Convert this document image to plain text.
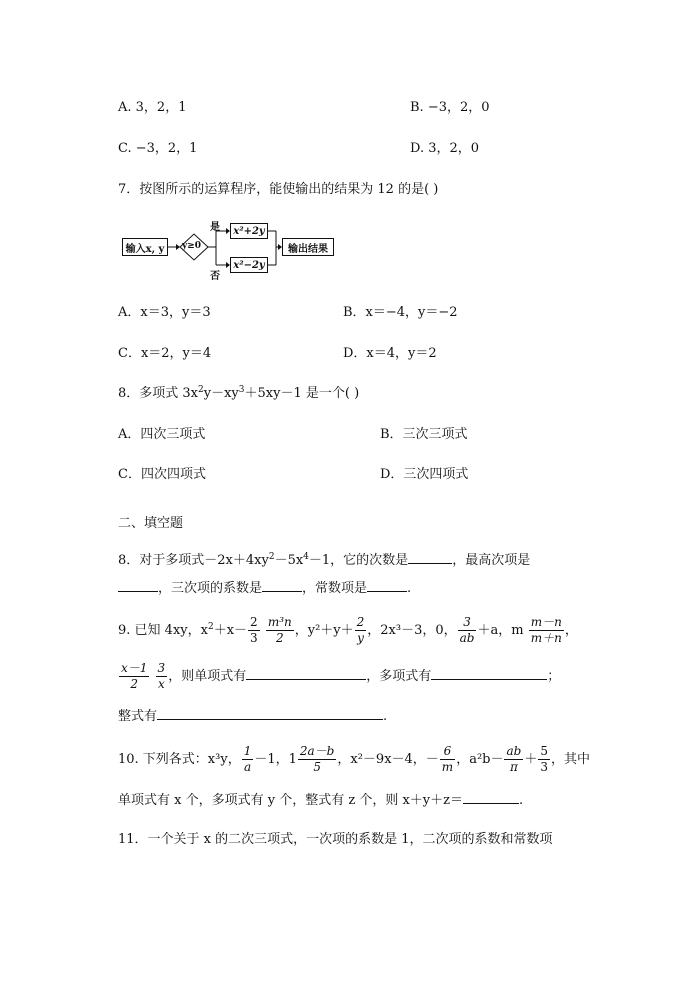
A. 3，2，1	B. −3，2，0
C. −3，2，1	D. 3，2，0
7．按图所示的运算程序，能使输出的结果为 12 的是( )
输入x, y	y≥0
是
否
x²+2y
x²−2y
输出结果
A．x＝3，y＝3	B．x＝−4，y＝−2
C．x＝2，y＝4	D．x＝4，y＝2
8．多项式 $3x^2y-xy^3+5xy-1$ 是一个( )
A．四次三项式	B．三次三项式
C．四次四项式	D．三次四项式
二、填空题
8．对于多项式$-2x+4xy^2-5x^4-1$，它的次数是	，最高次项是
，三次项的系数是	，常数项是	.
9. 已知 4xy，$x^2+x- \frac{2}{3}$
$\frac{\text{m³n}}{2}$ ，$y^2+y+ \frac{2}{y}$ ，2x³－3，0， $\frac{3}{ab} +a$，m $\frac{m-n}{m+n}$ ，
$\frac{x-1}{2}$
$\frac{3}{x}$ ，则单项式有	，多项式有	；
整式有	.
10. 下列各式：x³y， $\frac{1}{a} -1$，$1 \frac{2a-b}{5}$ ，x²－9x－4，－ $\frac{6}{m}$ ，$a^2b- \frac{ab}{\pi} + \frac{5}{3}$ ，其中
单项式有 x 个，多项式有 y 个，整式有 z 个，则 x＋y＋z＝	.
11．一个关于 x 的二次三项式，一次项的系数是 1，二次项的系数和常数项
